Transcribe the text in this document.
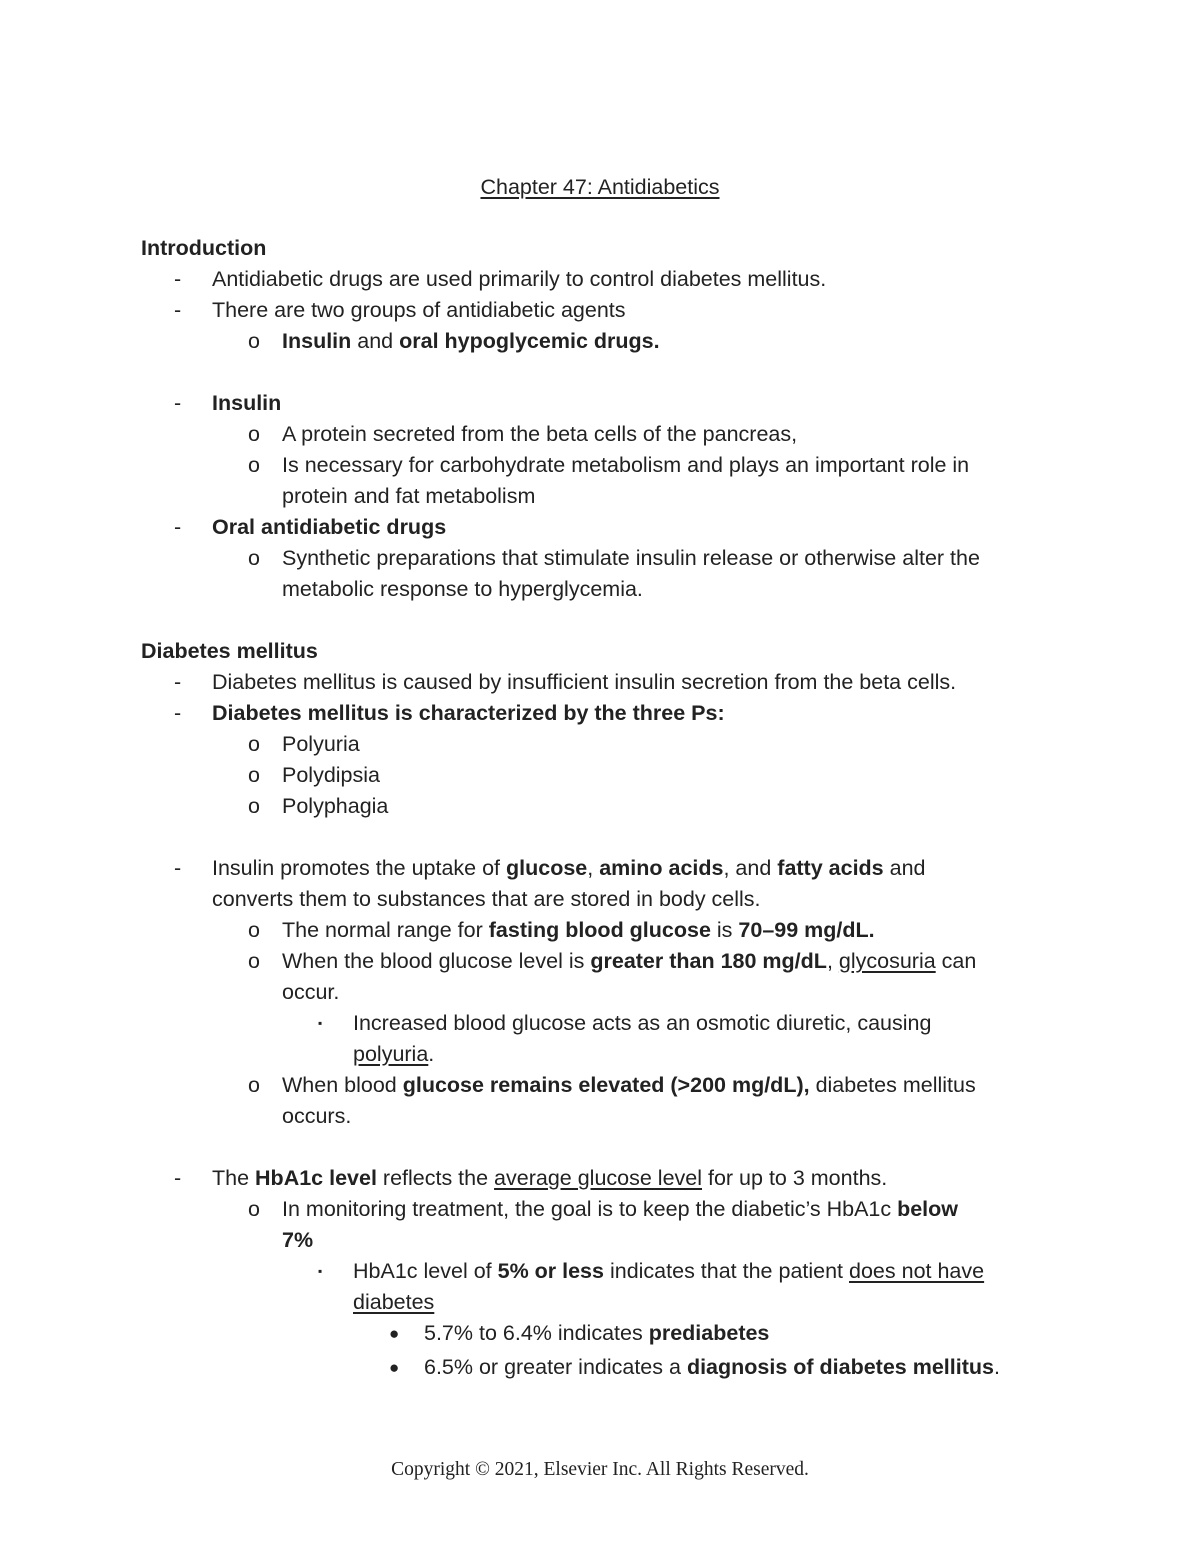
Chapter 47: Antidiabetics
Introduction
- Antidiabetic drugs are used primarily to control diabetes mellitus.
- There are two groups of antidiabetic agents
o Insulin and oral hypoglycemic drugs.
- Insulin
o A protein secreted from the beta cells of the pancreas,
o Is necessary for carbohydrate metabolism and plays an important role in
protein and fat metabolism
- Oral antidiabetic drugs
o Synthetic preparations that stimulate insulin release or otherwise alter the
metabolic response to hyperglycemia.
Diabetes mellitus
- Diabetes mellitus is caused by insufficient insulin secretion from the beta cells.
- Diabetes mellitus is characterized by the three Ps:
o Polyuria
o Polydipsia
o Polyphagia
- Insulin promotes the uptake of glucose, amino acids, and fatty acids and
converts them to substances that are stored in body cells.
o The normal range for fasting blood glucose is 70–99 mg/dL.
o When the blood glucose level is greater than 180 mg/dL, glycosuria can
occur.
▪ Increased blood glucose acts as an osmotic diuretic, causing
polyuria.
o When blood glucose remains elevated (>200 mg/dL), diabetes mellitus
occurs.
- The HbA1c level reflects the average glucose level for up to 3 months.
o In monitoring treatment, the goal is to keep the diabetic’s HbA1c below
7%
▪ HbA1c level of 5% or less indicates that the patient does not have
diabetes
● 5.7% to 6.4% indicates prediabetes
● 6.5% or greater indicates a diagnosis of diabetes mellitus.
Copyright © 2021, Elsevier Inc. All Rights Reserved.
